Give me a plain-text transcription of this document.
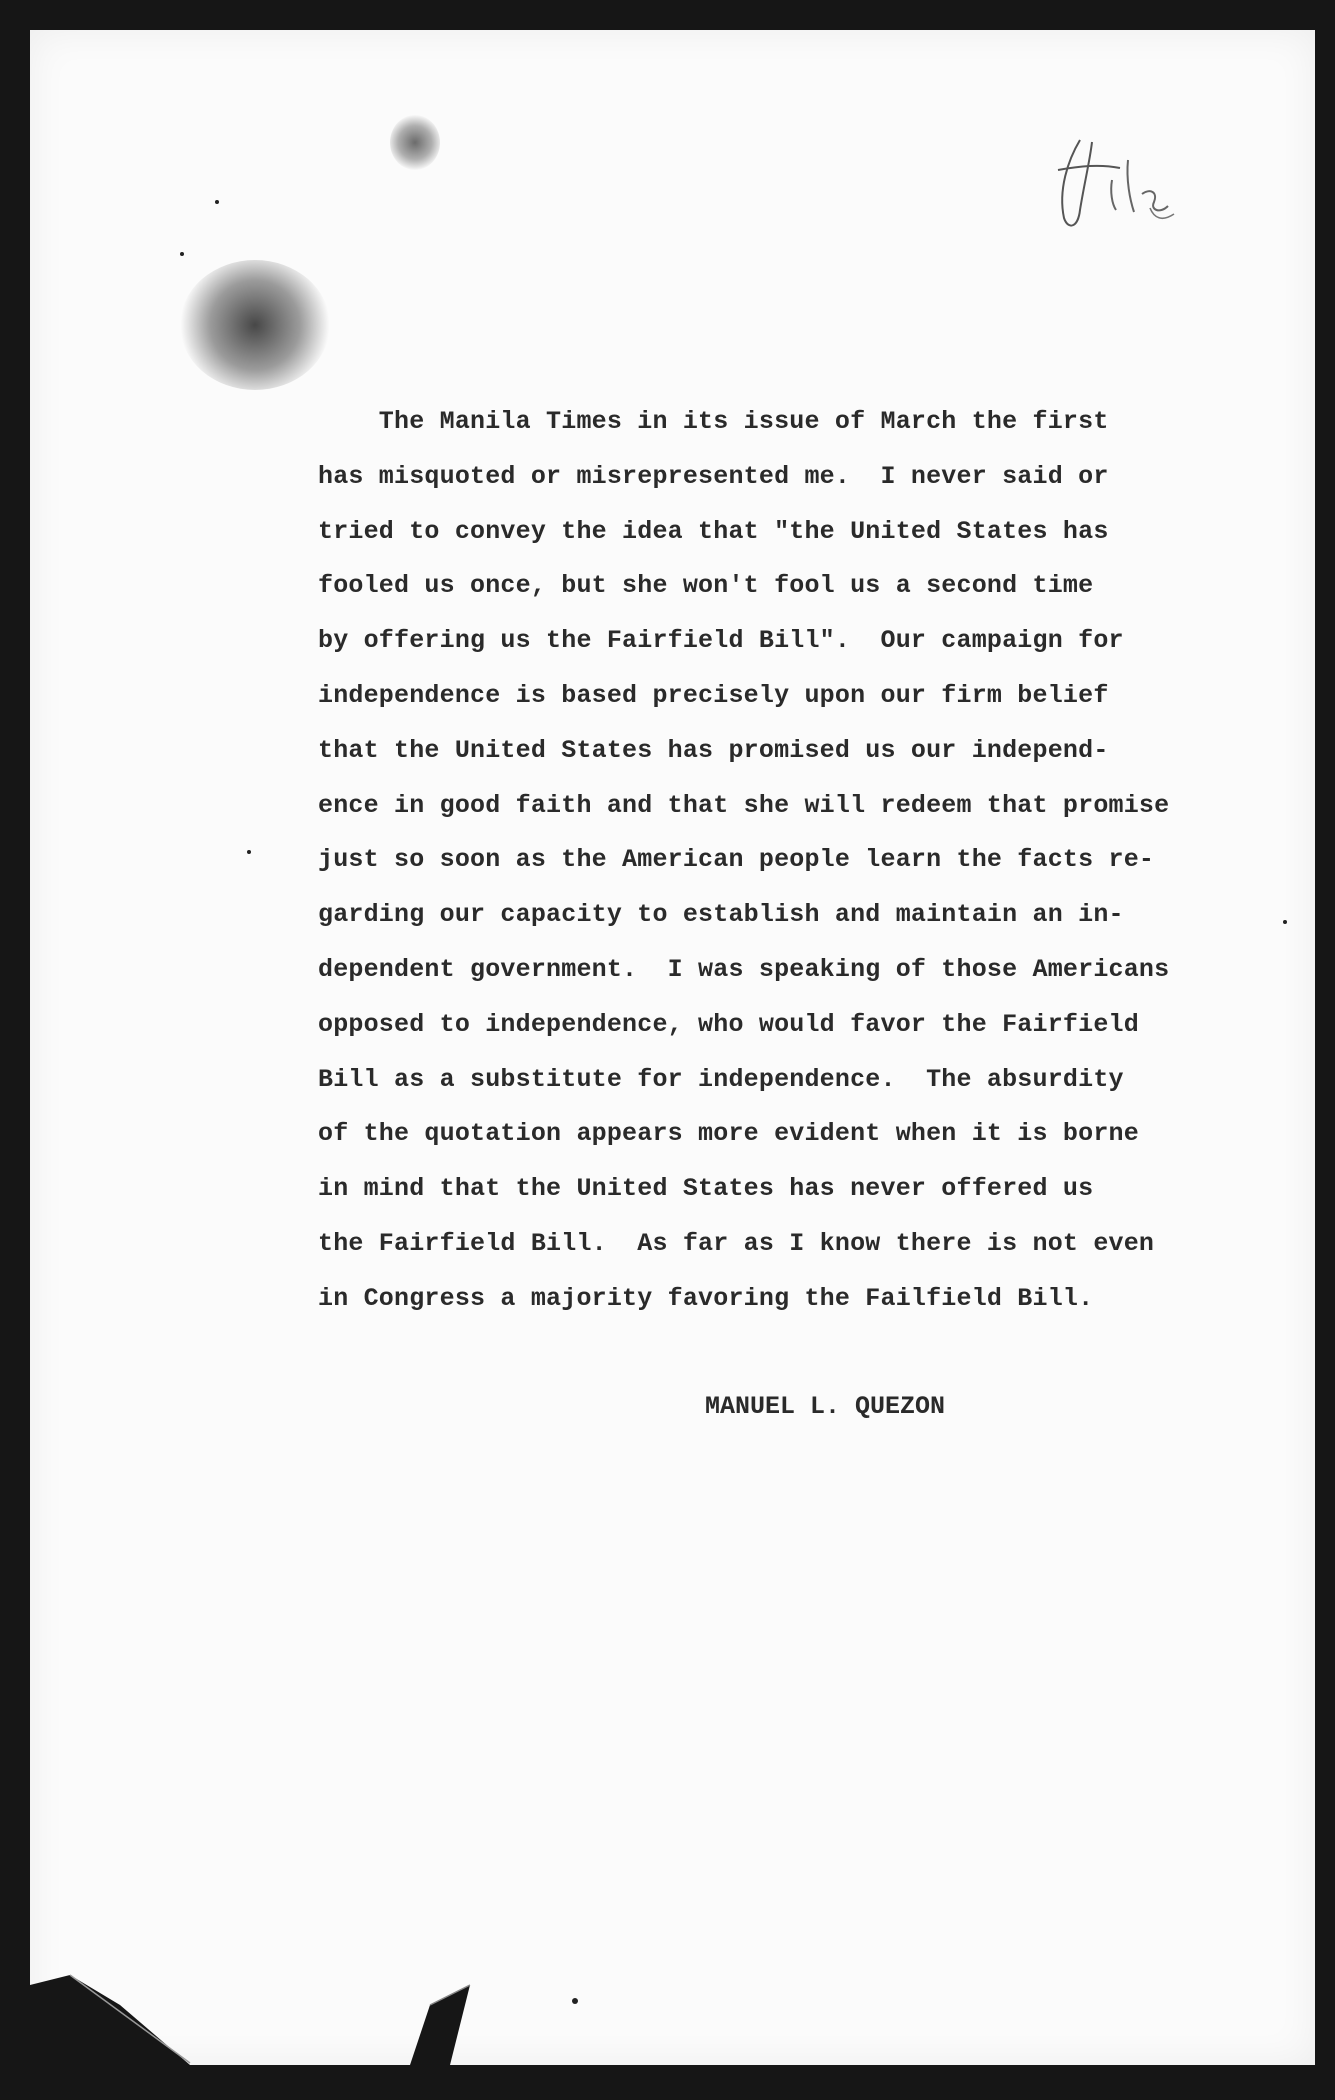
The Manila Times in its issue of March the first
has misquoted or misrepresented me.  I never said or
tried to convey the idea that "the United States has
fooled us once, but she won't fool us a second time
by offering us the Fairfield Bill".  Our campaign for
independence is based precisely upon our firm belief
that the United States has promised us our independ-
ence in good faith and that she will redeem that promise
just so soon as the American people learn the facts re-
garding our capacity to establish and maintain an in-
dependent government.  I was speaking of those Americans
opposed to independence, who would favor the Fairfield
Bill as a substitute for independence.  The absurdity
of the quotation appears more evident when it is borne
in mind that the United States has never offered us
the Fairfield Bill.  As far as I know there is not even
in Congress a majority favoring the Failfield Bill.
MANUEL L. QUEZON
